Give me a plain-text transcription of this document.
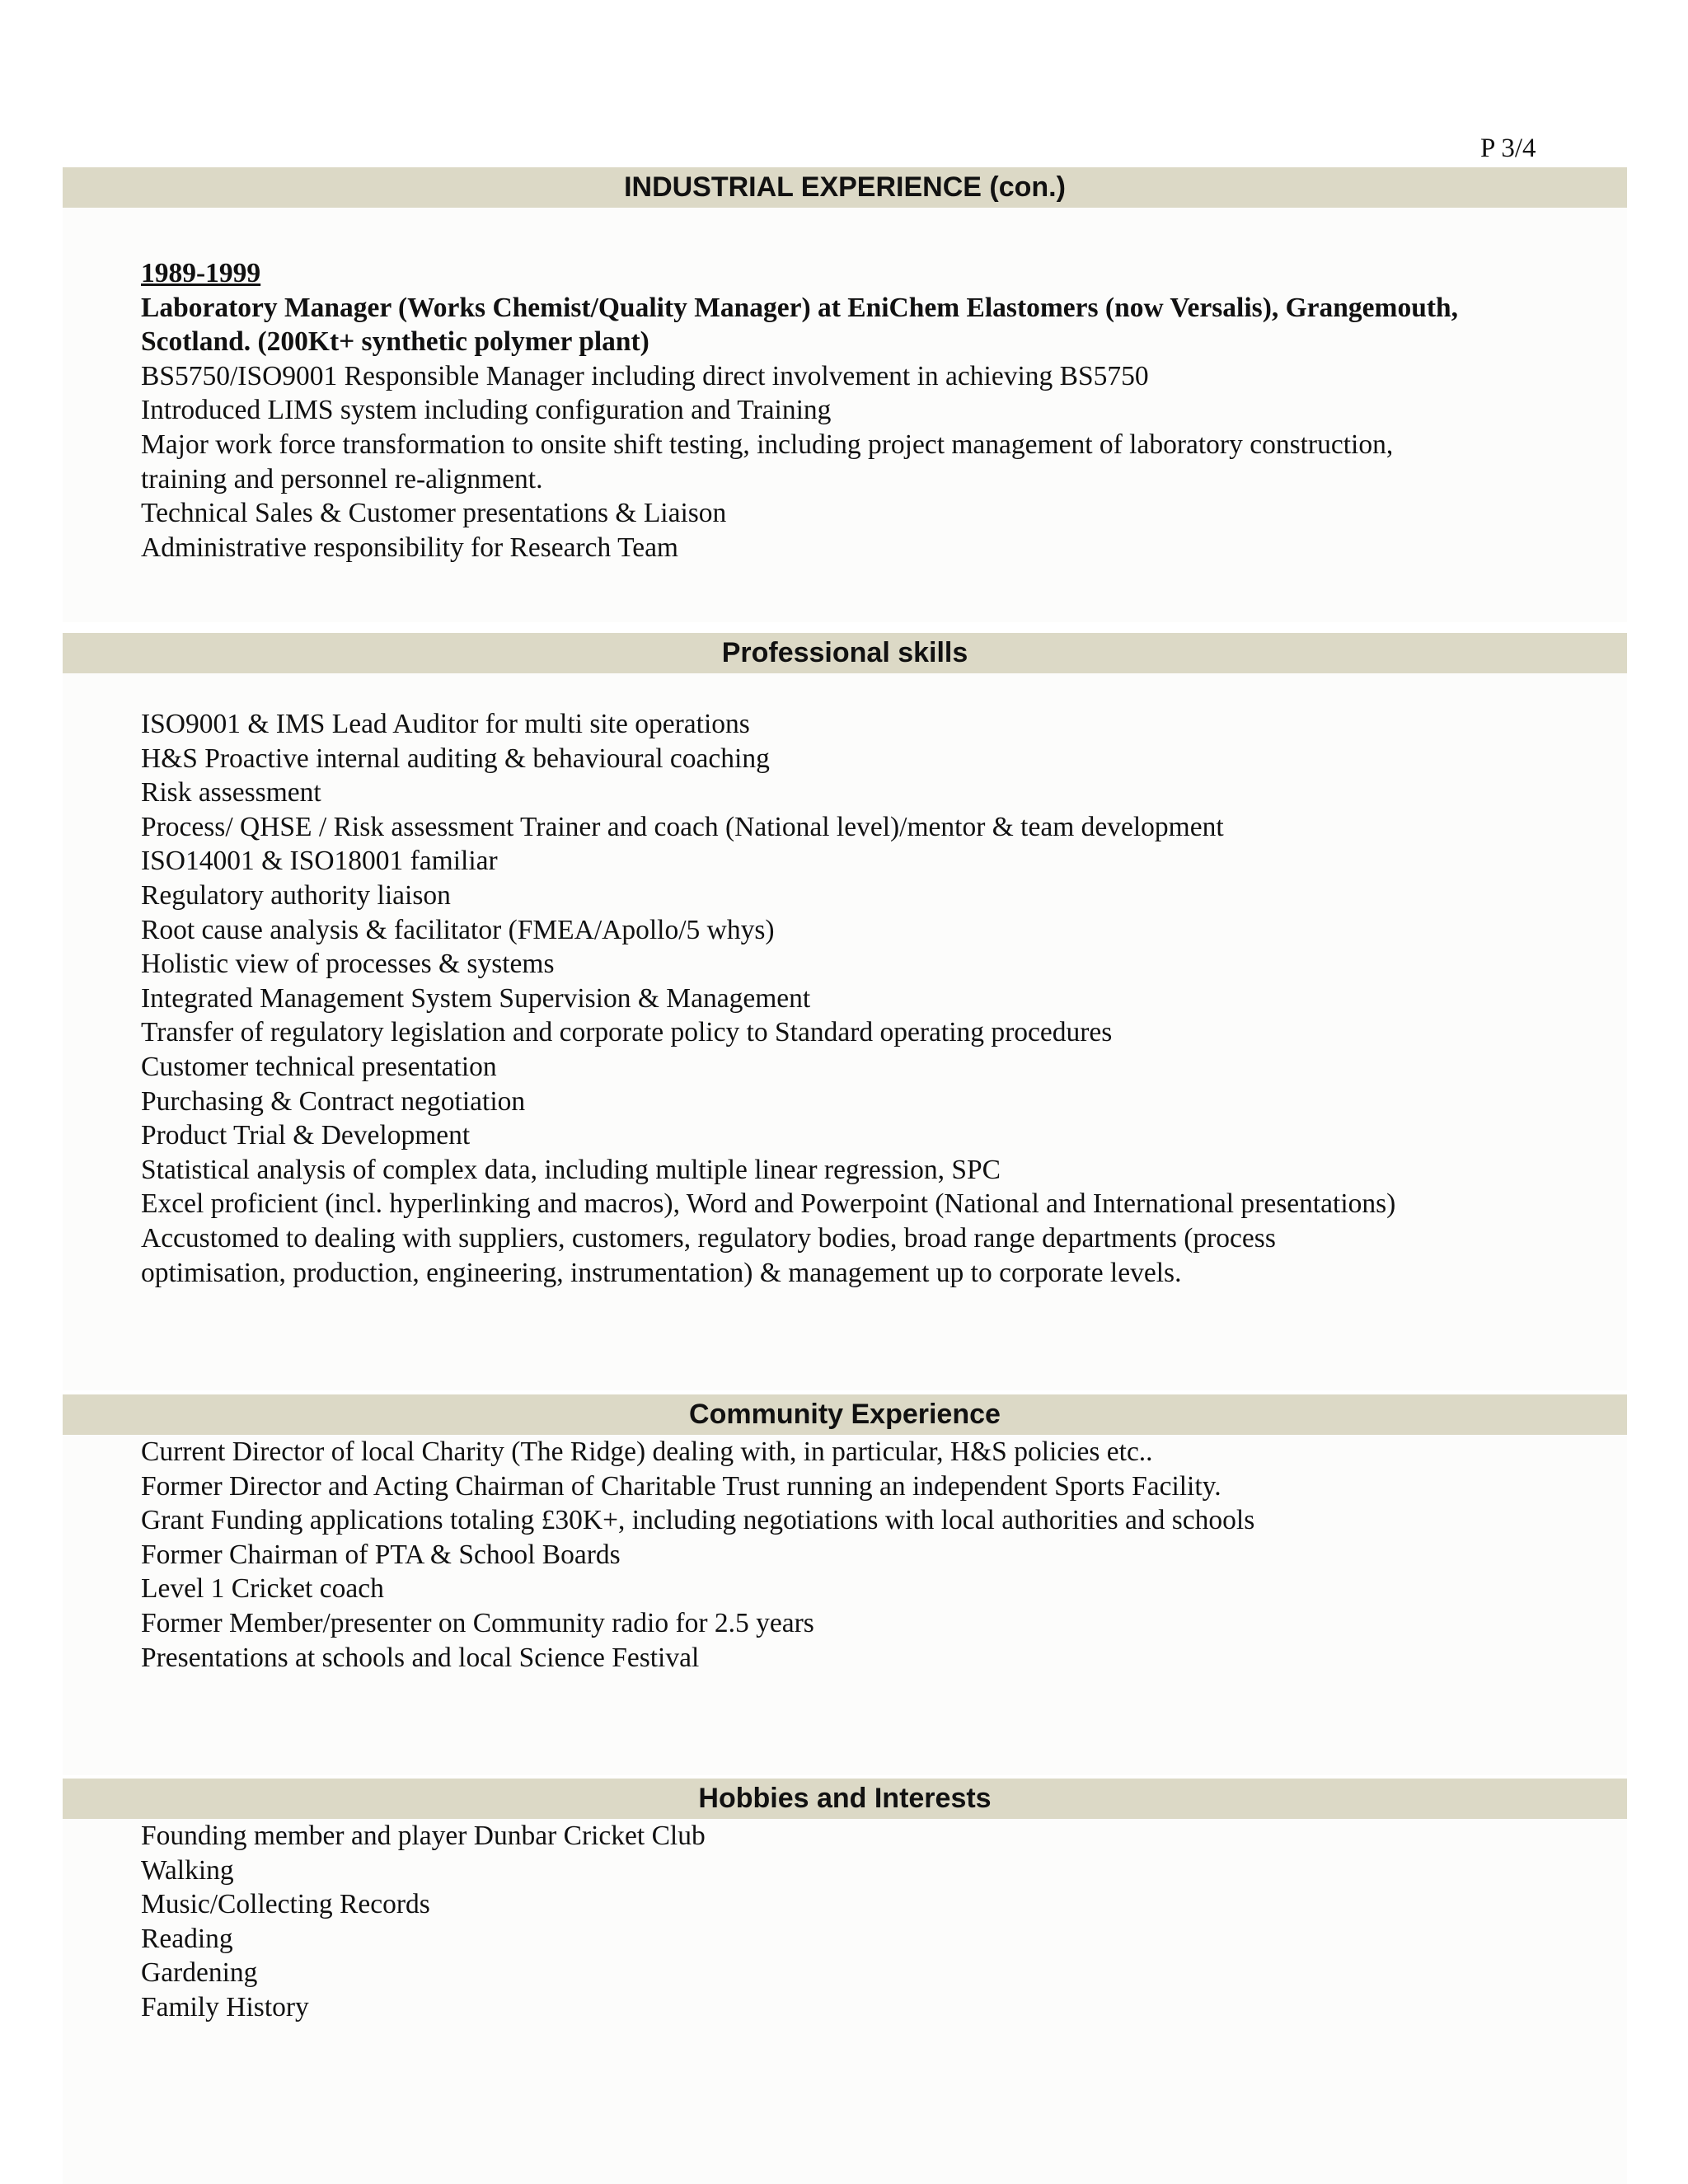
P 3/4
INDUSTRIAL EXPERIENCE (con.)
1989-1999
Laboratory Manager (Works Chemist/Quality Manager) at EniChem Elastomers (now Versalis), Grangemouth,
Scotland. (200Kt+ synthetic polymer plant)
BS5750/ISO9001 Responsible Manager including direct involvement in achieving BS5750
Introduced LIMS system including configuration and Training
Major work force transformation to onsite shift testing, including project management of laboratory construction,
training and personnel re-alignment.
Technical Sales & Customer presentations & Liaison
Administrative responsibility for Research Team
Professional skills
ISO9001 & IMS Lead Auditor for multi site operations
H&S Proactive internal auditing & behavioural coaching
Risk assessment
Process/ QHSE / Risk assessment Trainer and coach (National level)/mentor & team development
ISO14001 & ISO18001 familiar
Regulatory authority liaison
Root cause analysis & facilitator (FMEA/Apollo/5 whys)
Holistic view of processes & systems
Integrated Management System Supervision & Management
Transfer of regulatory legislation and corporate policy to Standard operating procedures
Customer technical presentation
Purchasing & Contract negotiation
Product Trial & Development
Statistical analysis of complex data, including multiple linear regression, SPC
Excel proficient (incl. hyperlinking and macros), Word and Powerpoint (National and International presentations)
Accustomed to dealing with suppliers, customers, regulatory bodies, broad range departments (process
optimisation, production, engineering, instrumentation) & management up to corporate levels.
Community Experience
Current Director of local Charity (The Ridge) dealing with, in particular, H&S policies etc..
Former Director and Acting Chairman of Charitable Trust running an independent Sports Facility.
Grant Funding applications totaling £30K+, including negotiations with local authorities and schools
Former Chairman of PTA & School Boards
Level 1 Cricket coach
Former Member/presenter on Community radio for 2.5 years
Presentations at schools and local Science Festival
Hobbies and Interests
Founding member and player Dunbar Cricket Club
Walking
Music/Collecting Records
Reading
Gardening
Family History
